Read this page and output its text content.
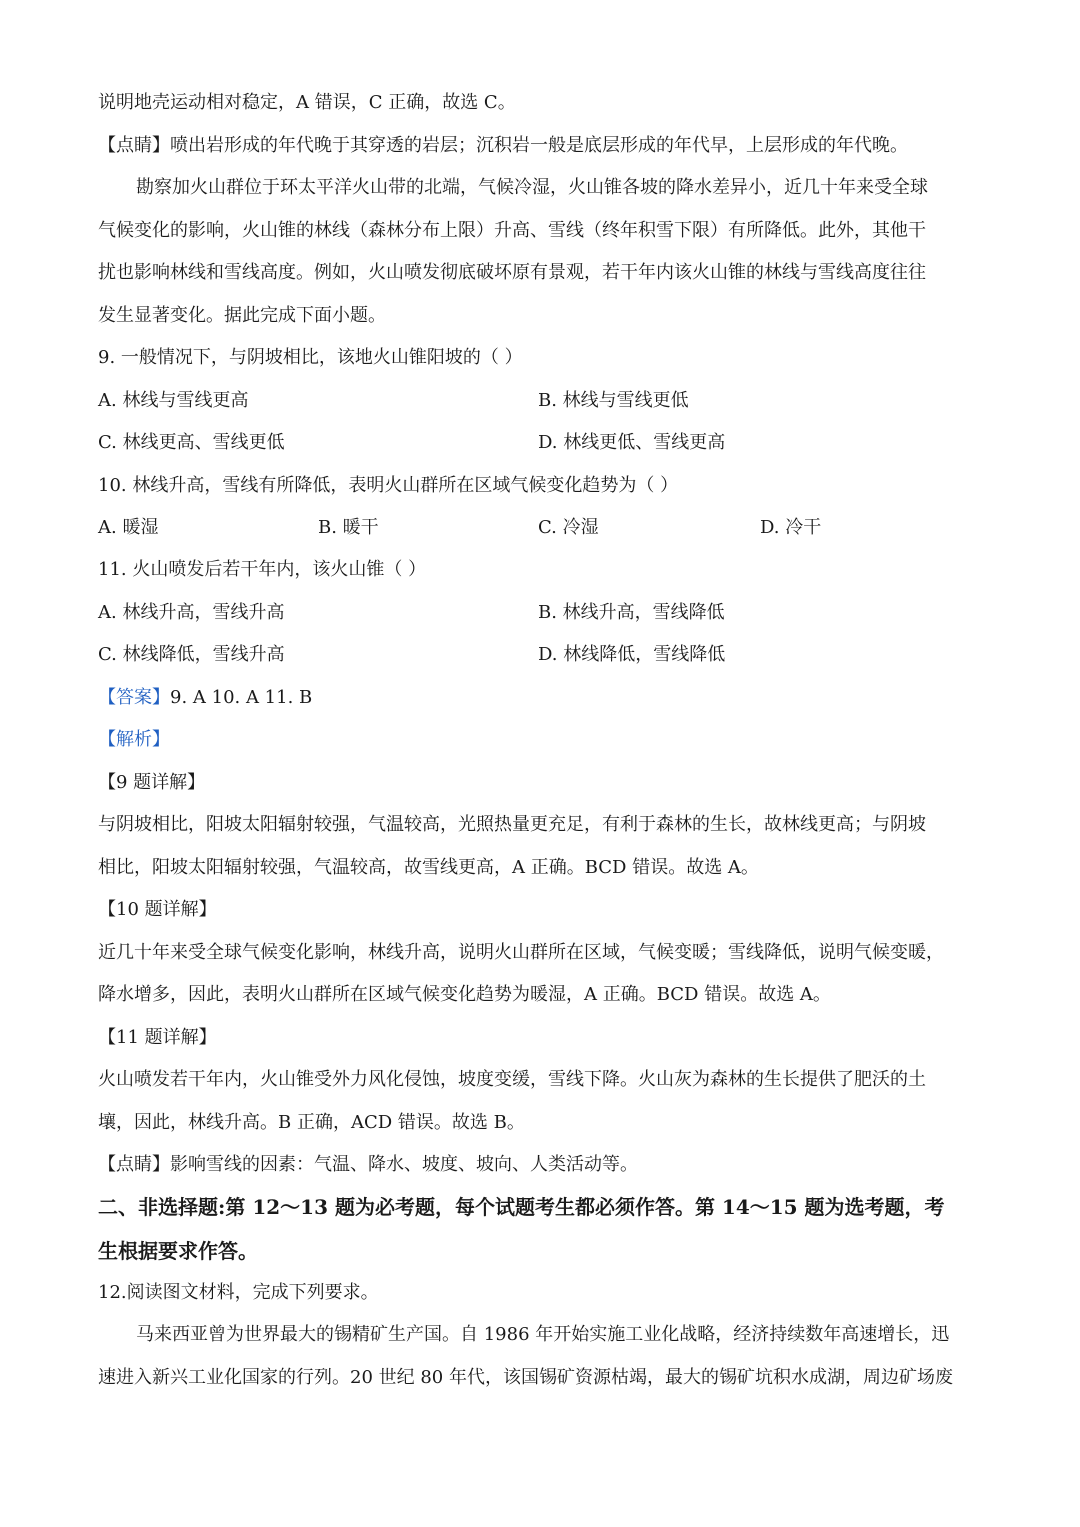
说明地壳运动相对稳定，A 错误，C 正确，故选 C。
【点睛】喷出岩形成的年代晚于其穿透的岩层；沉积岩一般是底层形成的年代早，上层形成的年代晚。
勘察加火山群位于环太平洋火山带的北端，气候冷湿，火山锥各坡的降水差异小，近几十年来受全球
气候变化的影响，火山锥的林线（森林分布上限）升高、雪线（终年积雪下限）有所降低。此外，其他干
扰也影响林线和雪线高度。例如，火山喷发彻底破坏原有景观，若干年内该火山锥的林线与雪线高度往往
发生显著变化。据此完成下面小题。
9. 一般情况下，与阴坡相比，该地火山锥阳坡的（ ）
A. 林线与雪线更高	B. 林线与雪线更低
C. 林线更高、雪线更低	D. 林线更低、雪线更高
10. 林线升高，雪线有所降低，表明火山群所在区域气候变化趋势为（ ）
A. 暖湿	B. 暖干	C. 冷湿	D. 冷干
11. 火山喷发后若干年内，该火山锥（ ）
A. 林线升高，雪线升高	B. 林线升高，雪线降低
C. 林线降低，雪线升高	D. 林线降低，雪线降低
【答案】9. A 10. A 11. B
【解析】
【9 题详解】
与阴坡相比，阳坡太阳辐射较强，气温较高，光照热量更充足，有利于森林的生长，故林线更高；与阴坡
相比，阳坡太阳辐射较强，气温较高，故雪线更高，A 正确。BCD 错误。故选 A。
【10 题详解】
近几十年来受全球气候变化影响，林线升高，说明火山群所在区域，气候变暖；雪线降低，说明气候变暖，
降水增多，因此，表明火山群所在区域气候变化趋势为暖湿，A 正确。BCD 错误。故选 A。
【11 题详解】
火山喷发若干年内，火山锥受外力风化侵蚀，坡度变缓，雪线下降。火山灰为森林的生长提供了肥沃的土
壤，因此，林线升高。B 正确，ACD 错误。故选 B。
【点睛】影响雪线的因素：气温、降水、坡度、坡向、人类活动等。
二、非选择题:第 12～13 题为必考题，每个试题考生都必须作答。第 14～15 题为选考题，考
生根据要求作答。
12.阅读图文材料，完成下列要求。
马来西亚曾为世界最大的锡精矿生产国。自 1986 年开始实施工业化战略，经济持续数年高速增长，迅
速进入新兴工业化国家的行列。20 世纪 80 年代，该国锡矿资源枯竭，最大的锡矿坑积水成湖，周边矿场废
